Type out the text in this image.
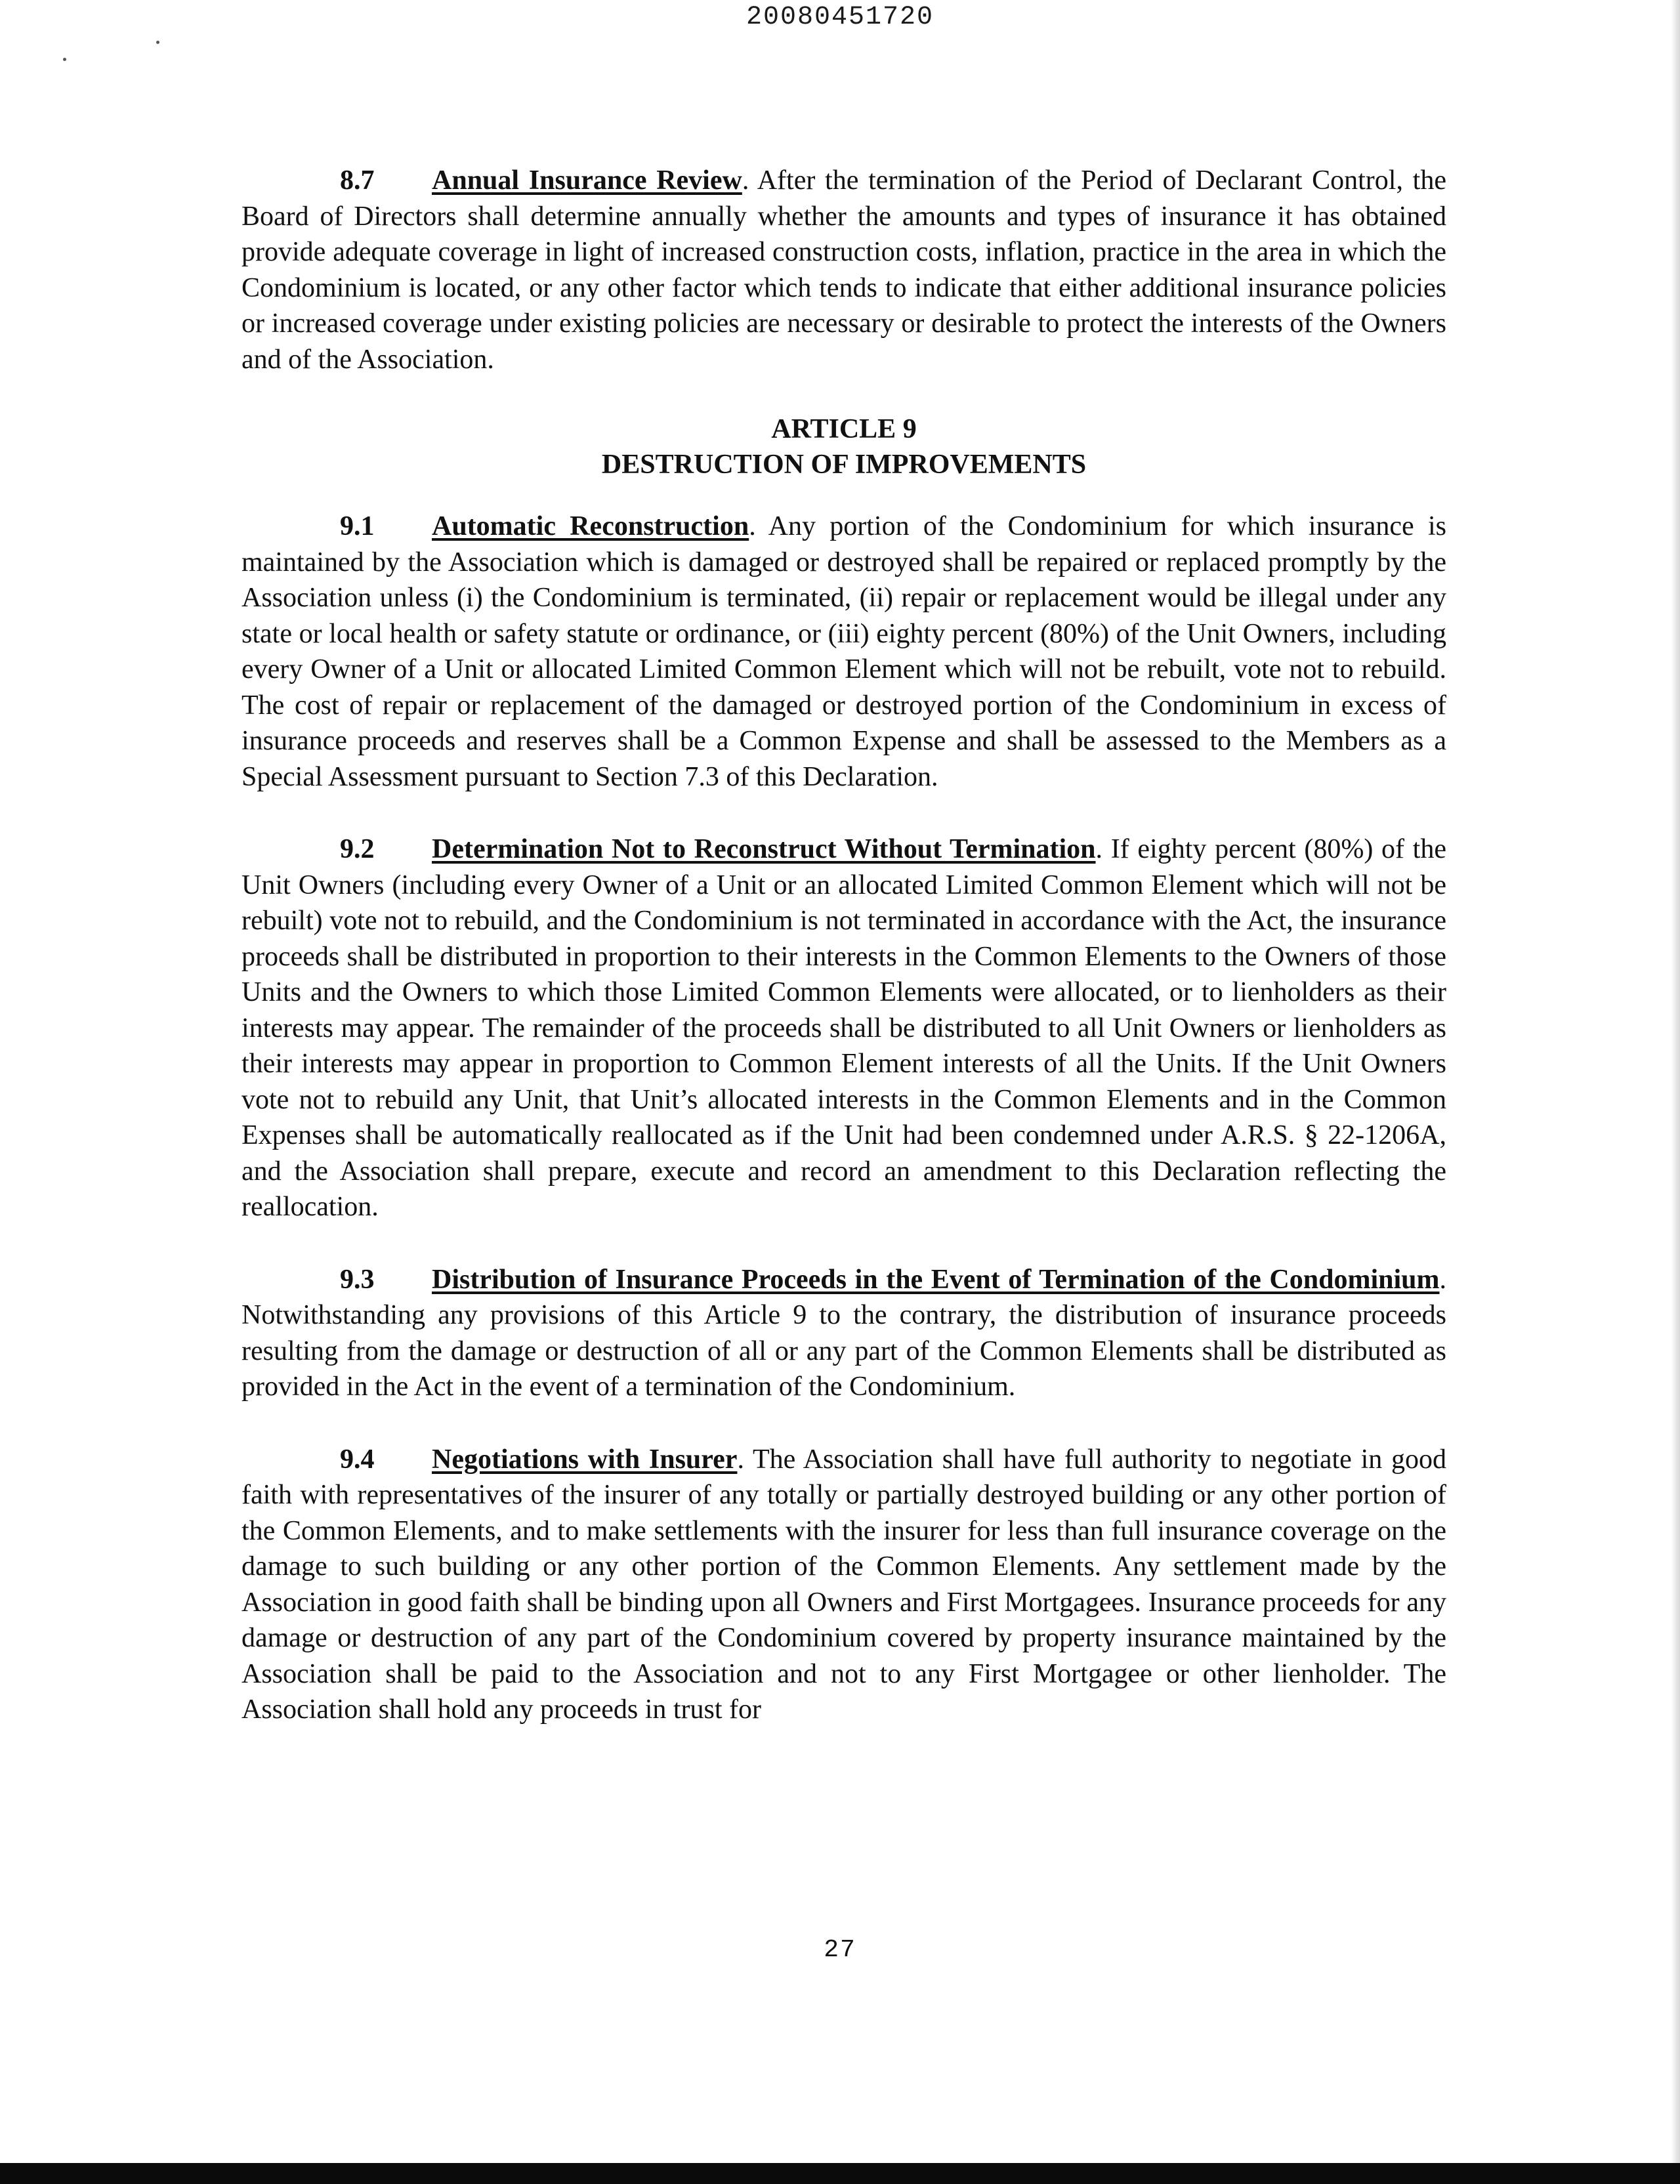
20080451720

8.7 Annual Insurance Review. After the termination of the Period of Declarant Control, the Board of Directors shall determine annually whether the amounts and types of insurance it has obtained provide adequate coverage in light of increased construction costs, inflation, practice in the area in which the Condominium is located, or any other factor which tends to indicate that either additional insurance policies or increased coverage under existing policies are necessary or desirable to protect the interests of the Owners and of the Association.

ARTICLE 9

DESTRUCTION OF IMPROVEMENTS

9.1 Automatic Reconstruction. Any portion of the Condominium for which insurance is maintained by the Association which is damaged or destroyed shall be repaired or replaced promptly by the Association unless (i) the Condominium is terminated, (ii) repair or replacement would be illegal under any state or local health or safety statute or ordinance, or (iii) eighty percent (80%) of the Unit Owners, including every Owner of a Unit or allocated Limited Common Element which will not be rebuilt, vote not to rebuild. The cost of repair or replacement of the damaged or destroyed portion of the Condominium in excess of insurance proceeds and reserves shall be a Common Expense and shall be assessed to the Members as a Special Assessment pursuant to Section 7.3 of this Declaration.

9.2 Determination Not to Reconstruct Without Termination. If eighty percent (80%) of the Unit Owners (including every Owner of a Unit or an allocated Limited Common Element which will not be rebuilt) vote not to rebuild, and the Condominium is not terminated in accordance with the Act, the insurance proceeds shall be distributed in proportion to their interests in the Common Elements to the Owners of those Units and the Owners to which those Limited Common Elements were allocated, or to lienholders as their interests may appear. The remainder of the proceeds shall be distributed to all Unit Owners or lienholders as their interests may appear in proportion to Common Element interests of all the Units. If the Unit Owners vote not to rebuild any Unit, that Unit’s allocated interests in the Common Elements and in the Common Expenses shall be automatically reallocated as if the Unit had been condemned under A.R.S. § 22-1206A, and the Association shall prepare, execute and record an amendment to this Declaration reflecting the reallocation.

9.3 Distribution of Insurance Proceeds in the Event of Termination of the Condominium. Notwithstanding any provisions of this Article 9 to the contrary, the distribution of insurance proceeds resulting from the damage or destruction of all or any part of the Common Elements shall be distributed as provided in the Act in the event of a termination of the Condominium.

9.4 Negotiations with Insurer. The Association shall have full authority to negotiate in good faith with representatives of the insurer of any totally or partially destroyed building or any other portion of the Common Elements, and to make settlements with the insurer for less than full insurance coverage on the damage to such building or any other portion of the Common Elements. Any settlement made by the Association in good faith shall be binding upon all Owners and First Mortgagees. Insurance proceeds for any damage or destruction of any part of the Condominium covered by property insurance maintained by the Association shall be paid to the Association and not to any First Mortgagee or other lienholder. The Association shall hold any proceeds in trust for

27
